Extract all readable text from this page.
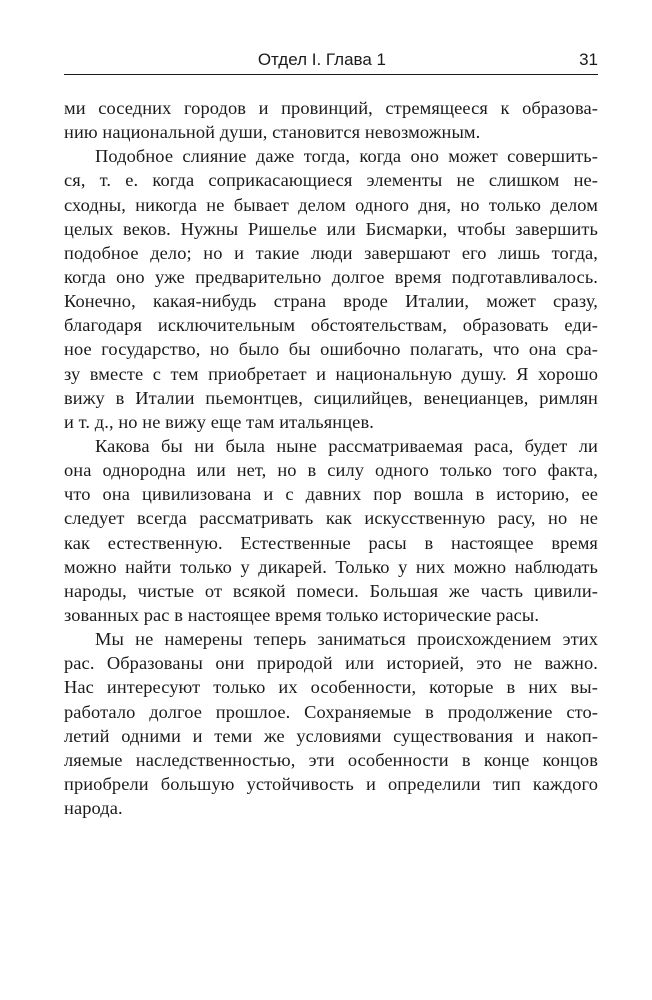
Отдел I. Глава 1	31
ми соседних городов и провинций, стремящееся к образова-
нию национальной души, становится невозможным.
Подобное слияние даже тогда, когда оно может совершить-
ся, т. е. когда соприкасающиеся элементы не слишком не-
сходны, никогда не бывает делом одного дня, но только делом
целых веков. Нужны Ришелье или Бисмарки, чтобы завершить
подобное дело; но и такие люди завершают его лишь тогда,
когда оно уже предварительно долгое время подготавливалось.
Конечно, какая-нибудь страна вроде Италии, может сразу,
благодаря исключительным обстоятельствам, образовать еди-
ное государство, но было бы ошибочно полагать, что она сра-
зу вместе с тем приобретает и национальную душу. Я хорошо
вижу в Италии пьемонтцев, сицилийцев, венецианцев, римлян
и т. д., но не вижу еще там итальянцев.
Какова бы ни была ныне рассматриваемая раса, будет ли
она однородна или нет, но в силу одного только того факта,
что она цивилизована и с давних пор вошла в историю, ее
следует всегда рассматривать как искусственную расу, но не
как естественную. Естественные расы в настоящее время
можно найти только у дикарей. Только у них можно наблюдать
народы, чистые от всякой помеси. Большая же часть цивили-
зованных рас в настоящее время только исторические расы.
Мы не намерены теперь заниматься происхождением этих
рас. Образованы они природой или историей, это не важно.
Нас интересуют только их особенности, которые в них вы-
работало долгое прошлое. Сохраняемые в продолжение сто-
летий одними и теми же условиями существования и накоп-
ляемые наследственностью, эти особенности в конце концов
приобрели большую устойчивость и определили тип каждого
народа.
